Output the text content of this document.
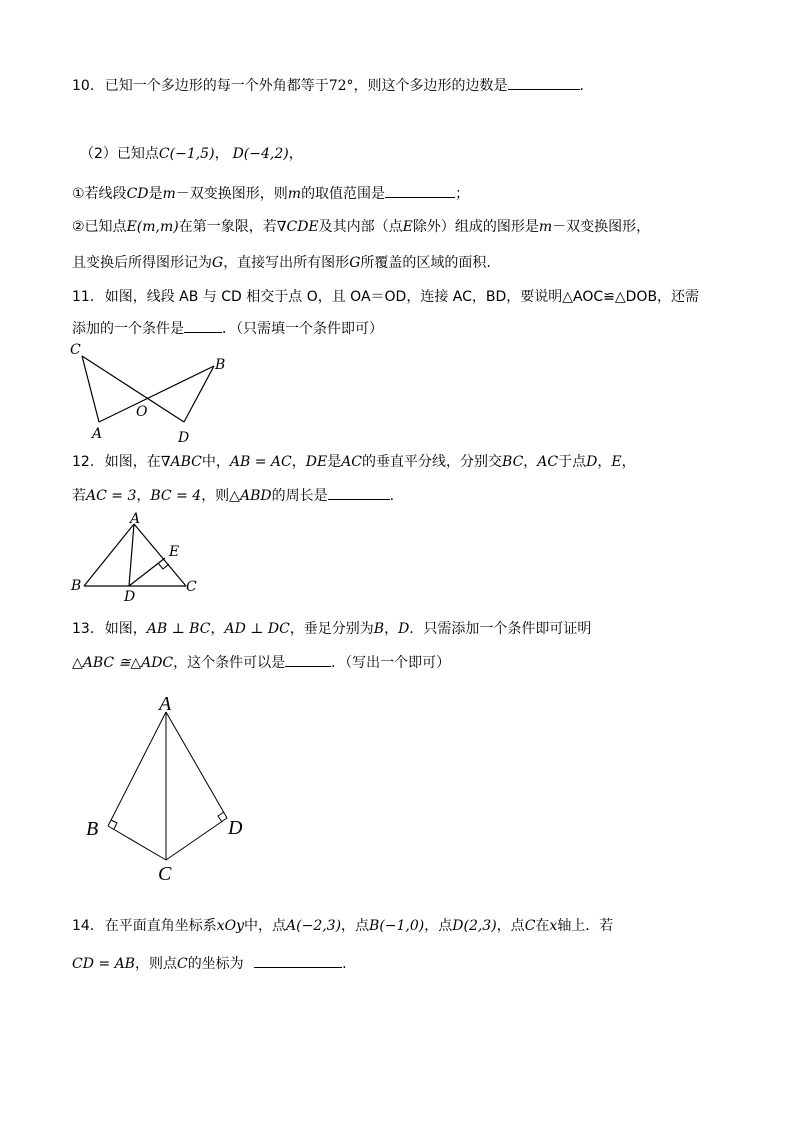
10. 已知一个多边形的每一个外角都等于72°，则这个多边形的边数是	.
（2）已知点C(−1,5)， D(−4,2)，
①若线段CD是m－双变换图形，则m的取值范围是	；
②已知点E(m,m)在第一象限，若∇CDE及其内部（点E除外）组成的图形是m－双变换图形，
且变换后所得图形记为G，直接写出所有图形G所覆盖的区域的面积.
11. 如图，线段 AB 与 CD 相交于点 O，且 OA＝OD，连接 AC，BD，要说明△AOC≌△DOB，还需
添加的一个条件是	．（只需填一个条件即可）
C
B
O
A	D
12. 如图，在∇ABC中，AB = AC，DE是AC的垂直平分线，分别交BC，AC于点D，E，
若AC = 3，BC = 4，则△ABD的周长是	.
A
E
B
D
C
13. 如图，AB ⊥ BC，AD ⊥ DC，垂足分别为B，D．只需添加一个条件即可证明
△ABC ≅△ADC，这个条件可以是	．（写出一个即可）
A
B	D
C
14. 在平面直角坐标系xOy中，点A(−2,3)，点B(−1,0)，点D(2,3)，点C在x轴上．若
CD = AB，则点C的坐标为	.
